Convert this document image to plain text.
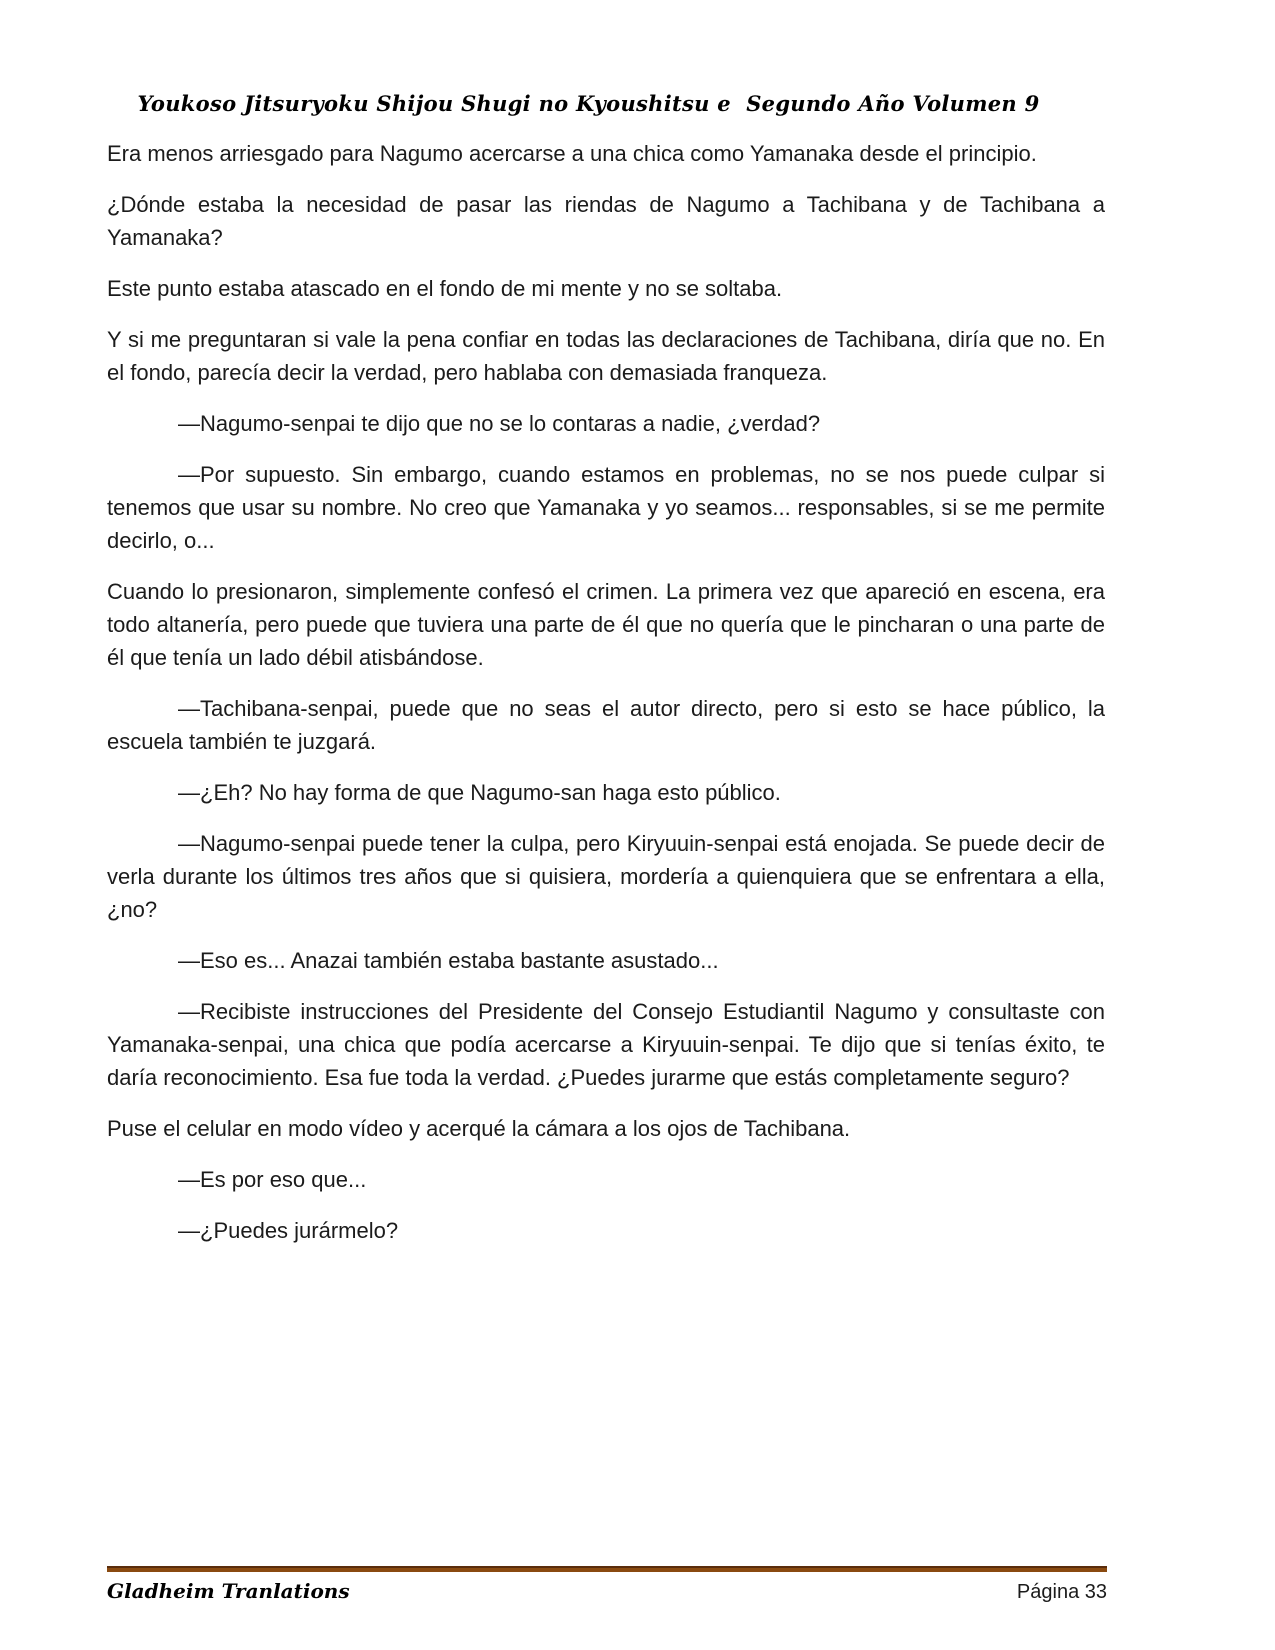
Youkoso Jitsuryoku Shijou Shugi no Kyoushitsu e  Segundo Año Volumen 9

Era menos arriesgado para Nagumo acercarse a una chica como Yamanaka desde el principio.

¿Dónde estaba la necesidad de pasar las riendas de Nagumo a Tachibana y de Tachibana a Yamanaka?

Este punto estaba atascado en el fondo de mi mente y no se soltaba.

Y si me preguntaran si vale la pena confiar en todas las declaraciones de Tachibana, diría que no. En el fondo, parecía decir la verdad, pero hablaba con demasiada franqueza.

—Nagumo-senpai te dijo que no se lo contaras a nadie, ¿verdad?

—Por supuesto. Sin embargo, cuando estamos en problemas, no se nos puede culpar si tenemos que usar su nombre. No creo que Yamanaka y yo seamos... responsables, si se me permite decirlo, o...

Cuando lo presionaron, simplemente confesó el crimen. La primera vez que apareció en escena, era todo altanería, pero puede que tuviera una parte de él que no quería que le pincharan o una parte de él que tenía un lado débil atisbándose.

—Tachibana-senpai, puede que no seas el autor directo, pero si esto se hace público, la escuela también te juzgará.

—¿Eh? No hay forma de que Nagumo-san haga esto público.

—Nagumo-senpai puede tener la culpa, pero Kiryuuin-senpai está enojada. Se puede decir de verla durante los últimos tres años que si quisiera, mordería a quienquiera que se enfrentara a ella, ¿no?

—Eso es... Anazai también estaba bastante asustado...

—Recibiste instrucciones del Presidente del Consejo Estudiantil Nagumo y consultaste con Yamanaka-senpai, una chica que podía acercarse a Kiryuuin-senpai. Te dijo que si tenías éxito, te daría reconocimiento. Esa fue toda la verdad. ¿Puedes jurarme que estás completamente seguro?

Puse el celular en modo vídeo y acerqué la cámara a los ojos de Tachibana.

—Es por eso que...

—¿Puedes jurármelo?

Gladheim Tranlations	Página 33
